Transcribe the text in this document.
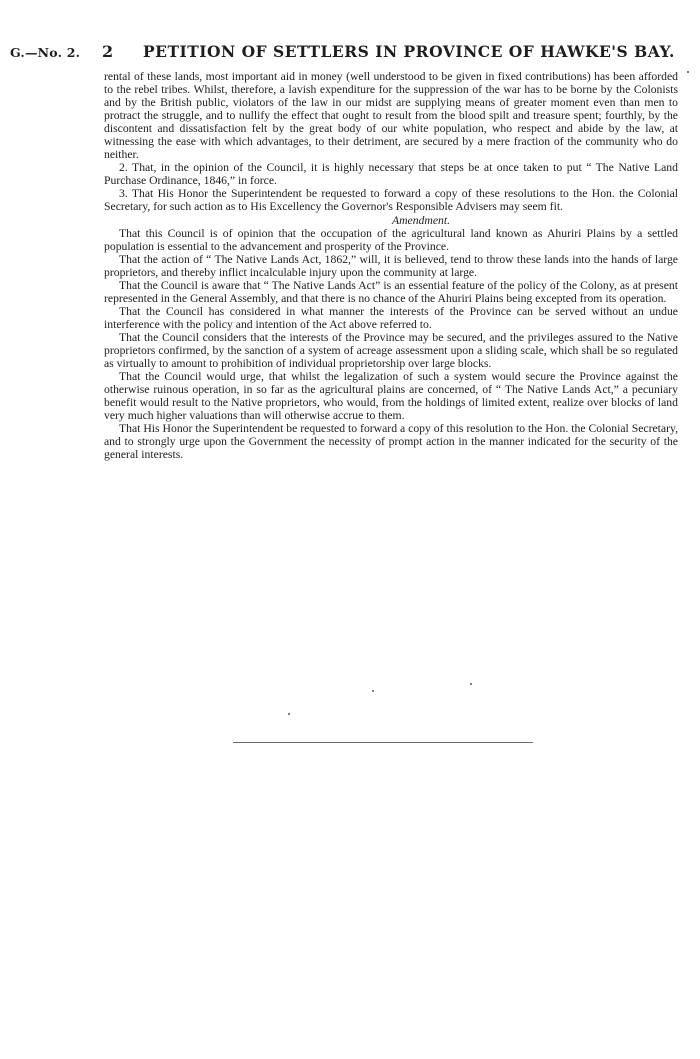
G.—No. 2. 2 PETITION OF SETTLERS IN PROVINCE OF HAWKE'S BAY.

rental of these lands, most important aid in money (well understood to be given in fixed contributions) has been afforded to the rebel tribes. Whilst, therefore, a lavish expenditure for the suppression of the war has to be borne by the Colonists and by the British public, violators of the law in our midst are supplying means of greater moment even than men to protract the struggle, and to nullify the effect that ought to result from the blood spilt and treasure spent; fourthly, by the discontent and dissatisfaction felt by the great body of our white population, who respect and abide by the law, at witnessing the ease with which advantages, to their detriment, are secured by a mere fraction of the community who do neither.

2. That, in the opinion of the Council, it is highly necessary that steps be at once taken to put “ The Native Land Purchase Ordinance, 1846,” in force.

3. That His Honor the Superintendent be requested to forward a copy of these resolutions to the Hon. the Colonial Secretary, for such action as to His Excellency the Governor's Responsible Advisers may seem fit.

Amendment.

That this Council is of opinion that the occupation of the agricultural land known as Ahuriri Plains by a settled population is essential to the advancement and prosperity of the Province.

That the action of “ The Native Lands Act, 1862,” will, it is believed, tend to throw these lands into the hands of large proprietors, and thereby inflict incalculable injury upon the community at large.

That the Council is aware that “ The Native Lands Act” is an essential feature of the policy of the Colony, as at present represented in the General Assembly, and that there is no chance of the Ahuriri Plains being excepted from its operation.

That the Council has considered in what manner the interests of the Province can be served without an undue interference with the policy and intention of the Act above referred to.

That the Council considers that the interests of the Province may be secured, and the privileges assured to the Native proprietors confirmed, by the sanction of a system of acreage assessment upon a sliding scale, which shall be so regulated as virtually to amount to prohibition of individual proprietorship over large blocks.

That the Council would urge, that whilst the legalization of such a system would secure the Province against the otherwise ruinous operation, in so far as the agricultural plains are concerned, of “ The Native Lands Act,” a pecuniary benefit would result to the Native proprietors, who would, from the holdings of limited extent, realize over blocks of land very much higher valuations than will otherwise accrue to them.

That His Honor the Superintendent be requested to forward a copy of this resolution to the Hon. the Colonial Secretary, and to strongly urge upon the Government the necessity of prompt action in the manner indicated for the security of the general interests.
